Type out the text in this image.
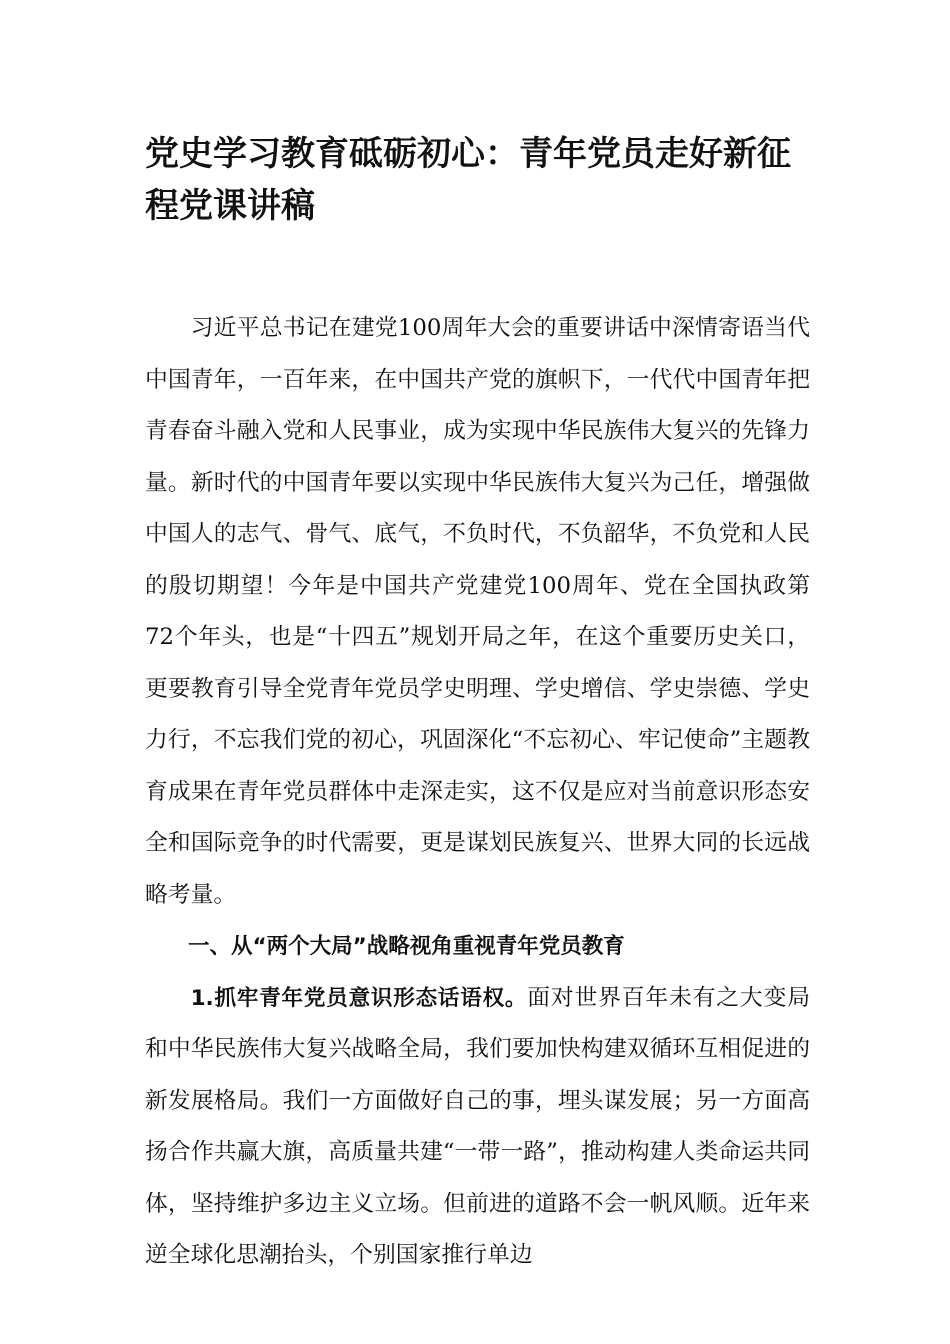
党史学习教育砥砺初心：青年党员走好新征程党课讲稿

习近平总书记在建党100周年大会的重要讲话中深情寄语当代中国青年，一百年来，在中国共产党的旗帜下，一代代中国青年把青春奋斗融入党和人民事业，成为实现中华民族伟大复兴的先锋力量。新时代的中国青年要以实现中华民族伟大复兴为己任，增强做中国人的志气、骨气、底气，不负时代，不负韶华，不负党和人民的殷切期望！今年是中国共产党建党100周年、党在全国执政第72个年头，也是“十四五”规划开局之年，在这个重要历史关口，更要教育引导全党青年党员学史明理、学史增信、学史崇德、学史力行，不忘我们党的初心，巩固深化“不忘初心、牢记使命”主题教育成果在青年党员群体中走深走实，这不仅是应对当前意识形态安全和国际竞争的时代需要，更是谋划民族复兴、世界大同的长远战略考量。

一、从“两个大局”战略视角重视青年党员教育

1.抓牢青年党员意识形态话语权。面对世界百年未有之大变局和中华民族伟大复兴战略全局，我们要加快构建双循环互相促进的新发展格局。我们一方面做好自己的事，埋头谋发展；另一方面高扬合作共赢大旗，高质量共建“一带一路”，推动构建人类命运共同体，坚持维护多边主义立场。但前进的道路不会一帆风顺。近年来逆全球化思潮抬头，个别国家推行单边
